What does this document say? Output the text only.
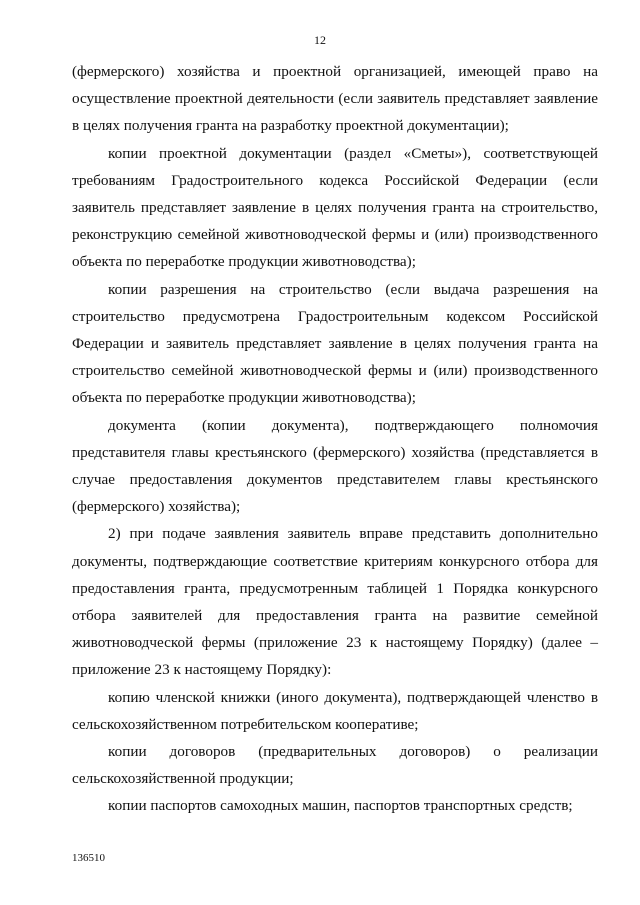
12

(фермерского) хозяйства и проектной организацией, имеющей право на осуществление проектной деятельности (если заявитель представляет заявление в целях получения гранта на разработку проектной документации);

копии проектной документации (раздел «Сметы»), соответствующей требованиям Градостроительного кодекса Российской Федерации (если заявитель представляет заявление в целях получения гранта на строительство, реконструкцию семейной животноводческой фермы и (или) производственного объекта по переработке продукции животноводства);

копии разрешения на строительство (если выдача разрешения на строительство предусмотрена Градостроительным кодексом Российской Федерации и заявитель представляет заявление в целях получения гранта на строительство семейной животноводческой фермы и (или) производственного объекта по переработке продукции животноводства);

документа (копии документа), подтверждающего полномочия представителя главы крестьянского (фермерского) хозяйства (представляется в случае предоставления документов представителем главы крестьянского (фермерского) хозяйства);

2) при подаче заявления заявитель вправе представить дополнительно документы, подтверждающие соответствие критериям конкурсного отбора для предоставления гранта, предусмотренным таблицей 1 Порядка конкурсного отбора заявителей для предоставления гранта на развитие семейной животноводческой фермы (приложение 23 к настоящему Порядку) (далее – приложение 23 к настоящему Порядку):

копию членской книжки (иного документа), подтверждающей членство в сельскохозяйственном потребительском кооперативе;

копии договоров (предварительных договоров) о реализации сельскохозяйственной продукции;

копии паспортов самоходных машин, паспортов транспортных средств;

136510
